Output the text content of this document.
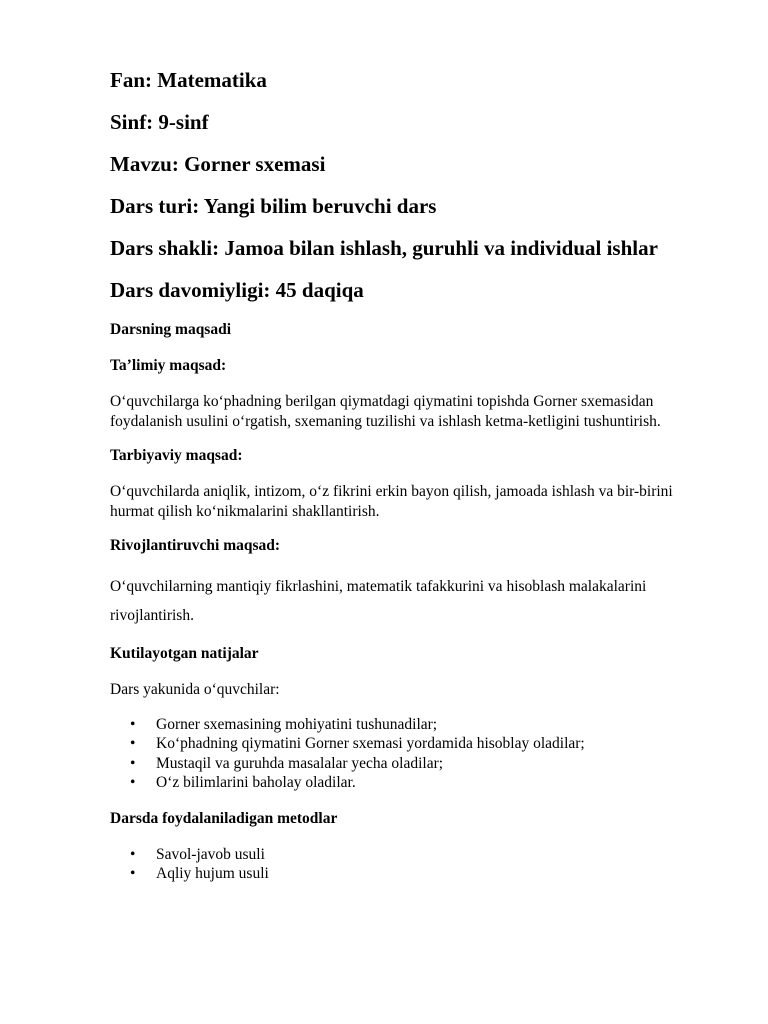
Fan: Matematika
Sinf: 9-sinf
Mavzu: Gorner sxemasi
Dars turi: Yangi bilim beruvchi dars
Dars shakli: Jamoa bilan ishlash, guruhli va individual ishlar
Dars davomiyligi: 45 daqiqa
Darsning maqsadi
Ta’limiy maqsad:
O‘quvchilarga ko‘phadning berilgan qiymatdagi qiymatini topishda Gorner sxemasidan foydalanish usulini o‘rgatish, sxemaning tuzilishi va ishlash ketma-ketligini tushuntirish.
Tarbiyaviy maqsad:
O‘quvchilarda aniqlik, intizom, o‘z fikrini erkin bayon qilish, jamoada ishlash va bir-birini hurmat qilish ko‘nikmalarini shakllantirish.
Rivojlantiruvchi maqsad:
O‘quvchilarning mantiqiy fikrlashini, matematik tafakkurini va hisoblash malakalarini rivojlantirish.
Kutilayotgan natijalar
Dars yakunida o‘quvchilar:
• Gorner sxemasining mohiyatini tushunadilar;
• Ko‘phadning qiymatini Gorner sxemasi yordamida hisoblay oladilar;
• Mustaqil va guruhda masalalar yecha oladilar;
• O‘z bilimlarini baholay oladilar.
Darsda foydalaniladigan metodlar
• Savol-javob usuli
• Aqliy hujum usuli
